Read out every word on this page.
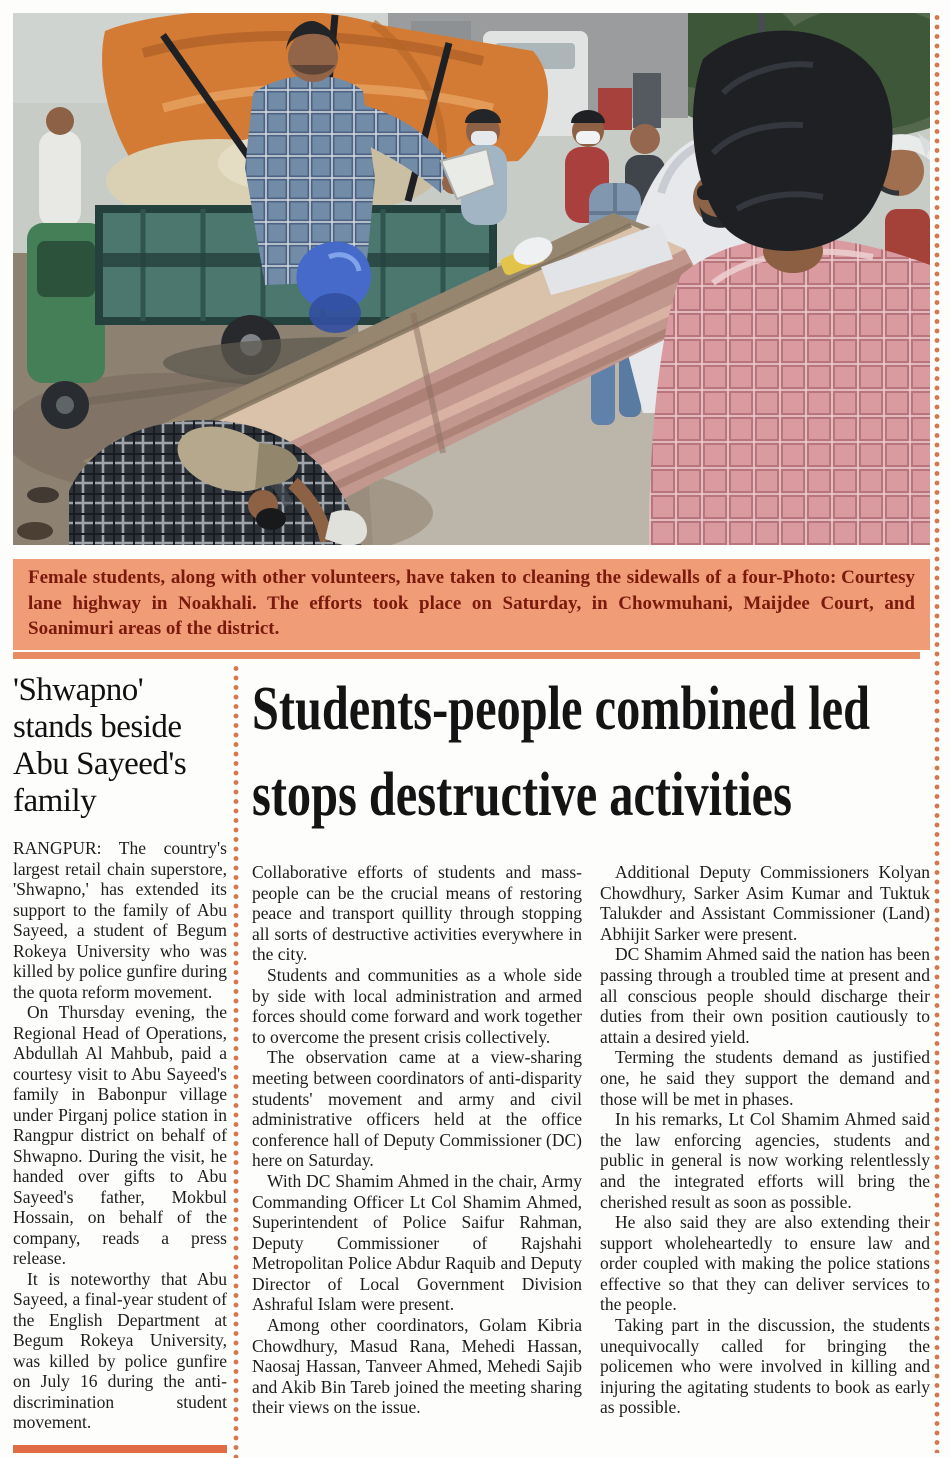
Photo: Courtesy
Female students, along with other volunteers, have taken to cleaning the sidewalls of a four-lane highway in Noakhali. The efforts took place on Saturday, in Chowmuhani, Maijdee Court, and Soanimuri areas of the district.
'Shwapno' stands beside Abu Sayeed's family

RANGPUR: The country's largest retail chain superstore, 'Shwapno,' has extended its support to the family of Abu Sayeed, a student of Begum Rokeya University who was killed by police gunfire during the quota reform movement.

On Thursday evening, the Regional Head of Operations, Abdullah Al Mahbub, paid a courtesy visit to Abu Sayeed's family in Babonpur village under Pirganj police station in Rangpur district on behalf of Shwapno. During the visit, he handed over gifts to Abu Sayeed's father, Mokbul Hossain, on behalf of the company, reads a press release.

It is noteworthy that Abu Sayeed, a final-year student of the English Department at Begum Rokeya University, was killed by police gunfire on July 16 during the anti-discrimination student movement.

Students-people combined led
stops destructive activities

Collaborative efforts of students and mass-people can be the crucial means of restoring peace and transport quillity through stopping all sorts of destructive activities everywhere in the city.

Students and communities as a whole side by side with local administration and armed forces should come forward and work together to overcome the present crisis collectively.

The observation came at a view-sharing meeting between coordinators of anti-disparity students' movement and army and civil administrative officers held at the office conference hall of Deputy Commissioner (DC) here on Saturday.

With DC Shamim Ahmed in the chair, Army Commanding Officer Lt Col Shamim Ahmed, Superintendent of Police Saifur Rahman, Deputy Commissioner of Rajshahi Metropolitan Police Abdur Raquib and Deputy Director of Local Government Division Ashraful Islam were present.

Among other coordinators, Golam Kibria Chowdhury, Masud Rana, Mehedi Hassan, Naosaj Hassan, Tanveer Ahmed, Mehedi Sajib and Akib Bin Tareb joined the meeting sharing their views on the issue.

Additional Deputy Commissioners Kolyan Chowdhury, Sarker Asim Kumar and Tuktuk Talukder and Assistant Commissioner (Land) Abhijit Sarker were present.

DC Shamim Ahmed said the nation has been passing through a troubled time at present and all conscious people should discharge their duties from their own position cautiously to attain a desired yield.

Terming the students demand as justified one, he said they support the demand and those will be met in phases.

In his remarks, Lt Col Shamim Ahmed said the law enforcing agencies, students and public in general is now working relentlessly and the integrated efforts will bring the cherished result as soon as possible.

He also said they are also extending their support wholeheartedly to ensure law and order coupled with making the police stations effective so that they can deliver services to the people.

Taking part in the discussion, the students unequivocally called for bringing the policemen who were involved in killing and injuring the agitating students to book as early as possible.
